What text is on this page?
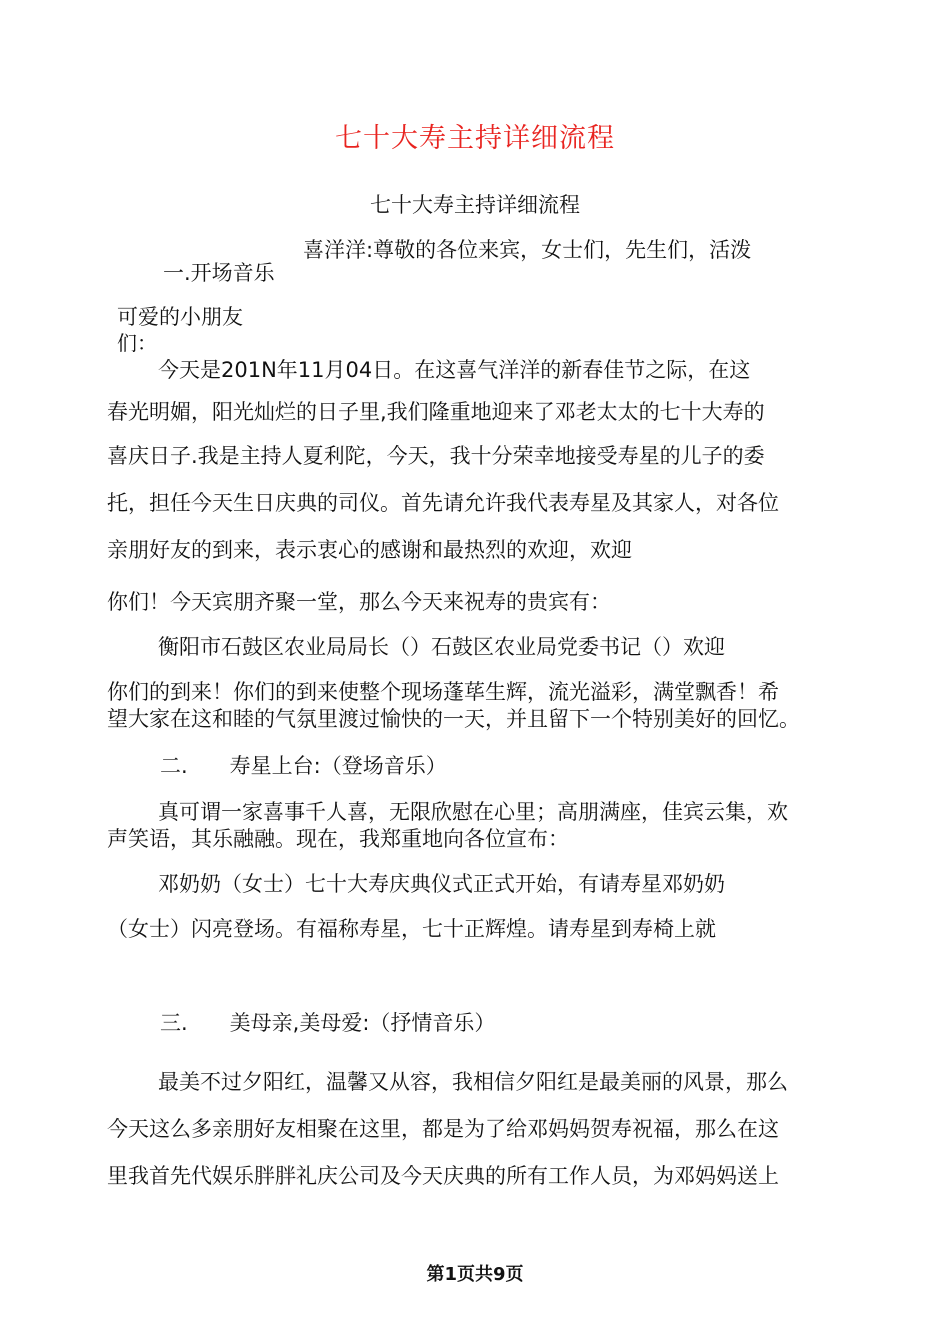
七十大寿主持详细流程
七十大寿主持详细流程
喜洋洋:尊敬的各位来宾，女士们，先生们，活泼
一.开场音乐
可爱的小朋友
们：
今天是201N年11月04日。在这喜气洋洋的新春佳节之际，在这
春光明媚，阳光灿烂的日子里,我们隆重地迎来了邓老太太的七十大寿的
喜庆日子.我是主持人夏利陀，今天，我十分荣幸地接受寿星的儿子的委
托，担任今天生日庆典的司仪。首先请允许我代表寿星及其家人，对各位
亲朋好友的到来，表示衷心的感谢和最热烈的欢迎，欢迎
你们！今天宾朋齐聚一堂，那么今天来祝寿的贵宾有：
衡阳市石鼓区农业局局长（）石鼓区农业局党委书记（）欢迎
你们的到来！你们的到来使整个现场蓬荜生辉，流光溢彩，满堂飘香！希
望大家在这和睦的气氛里渡过愉快的一天，并且留下一个特别美好的回忆。
二.　　寿星上台:（登场音乐）
真可谓一家喜事千人喜，无限欣慰在心里；高朋满座，佳宾云集，欢
声笑语，其乐融融。现在，我郑重地向各位宣布：
邓奶奶（女士）七十大寿庆典仪式正式开始，有请寿星邓奶奶
（女士）闪亮登场。有福称寿星，七十正辉煌。请寿星到寿椅上就
三.　　美母亲,美母爱:（抒情音乐）
最美不过夕阳红，温馨又从容，我相信夕阳红是最美丽的风景，那么
今天这么多亲朋好友相聚在这里，都是为了给邓妈妈贺寿祝福，那么在这
里我首先代娱乐胖胖礼庆公司及今天庆典的所有工作人员，为邓妈妈送上
第1页共9页
